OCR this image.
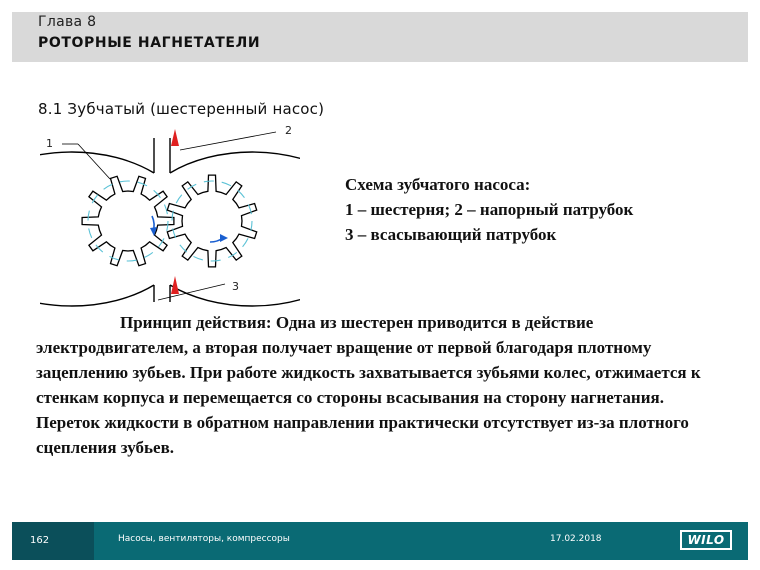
Глава 8
РОТОРНЫЕ НАГНЕТАТЕЛИ
8.1 Зубчатый (шестеренный насос)
1
2
3
Схема зубчатого насоса:
1 – шестерня; 2 – напорный патрубок
3 – всасывающий патрубок
Принцип действия: Одна из шестерен приводится в действие электродвигателем, а вторая получает вращение от первой благодаря плотному зацеплению зубьев. При работе жидкость захватывается зубьями колес, отжимается к стенкам корпуса и перемещается со стороны всасывания на сторону нагнетания. Переток жидкости в обратном направлении практически отсутствует из-за плотного сцепления зубьев.
162	Насосы, вентиляторы, компрессоры	17.02.2018	WILO
